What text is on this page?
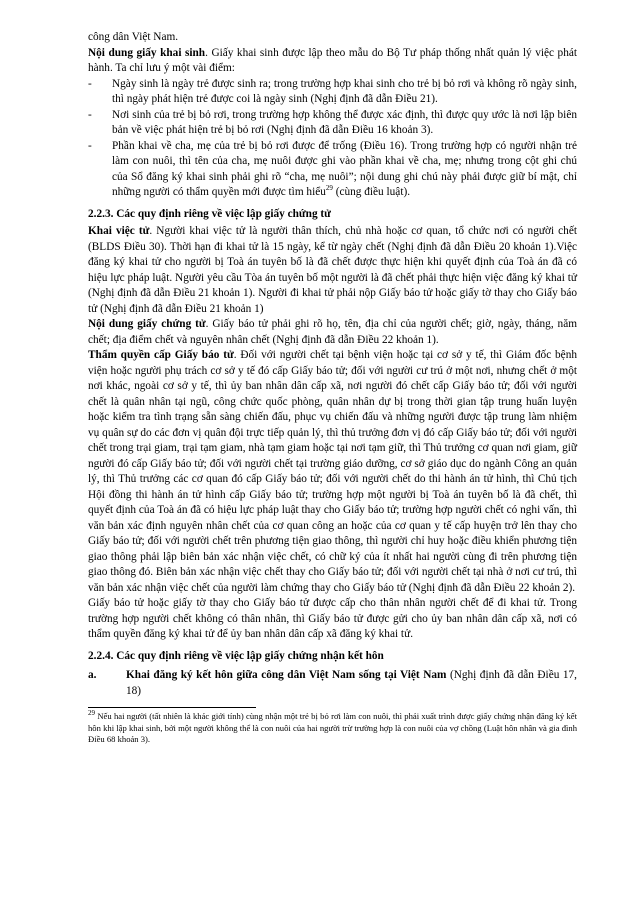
công dân Việt Nam.

Nội dung giấy khai sinh. Giấy khai sinh được lập theo mẫu do Bộ Tư pháp thống nhất quản lý việc phát hành. Ta chỉ lưu ý một vài điểm:

-	Ngày sinh là ngày trẻ được sinh ra; trong trường hợp khai sinh cho trẻ bị bỏ rơi và không rõ ngày sinh, thì ngày phát hiện trẻ được coi là ngày sinh (Nghị định đã dẫn Điều 21).

-	Nơi sinh của trẻ bị bỏ rơi, trong trường hợp không thể được xác định, thì được quy ước là nơi lập biên bản về việc phát hiện trẻ bị bỏ rơi (Nghị định đã dẫn Điều 16 khoản 3).

-	Phần khai về cha, mẹ của trẻ bị bỏ rơi được để trống (Điều 16). Trong trường hợp có người nhận trẻ làm con nuôi, thì tên của cha, mẹ nuôi được ghi vào phần khai về cha, mẹ; nhưng trong cột ghi chú của Sổ đăng ký khai sinh phải ghi rõ “cha, mẹ nuôi”; nội dung ghi chú này phải được giữ bí mật, chỉ những người có thẩm quyền mới được tìm hiểu$^{29}$ (cùng điều luật).

2.2.3. Các quy định riêng về việc lập giấy chứng tử

Khai việc tử. Người khai việc tử là người thân thích, chủ nhà hoặc cơ quan, tổ chức nơi có người chết (BLDS Điều 30). Thời hạn đi khai tử là 15 ngày, kể từ ngày chết (Nghị định đã dẫn Điều 20 khoản 1).Việc đăng ký khai tử cho người bị Toà án tuyên bố là đã chết được thực hiện khi quyết định của Toà án đã có hiệu lực pháp luật. Người yêu cầu Tòa án tuyên bố một người là đã chết phải thực hiện việc đăng ký khai tử (Nghị định đã dẫn Điều 21 khoản 1). Người đi khai tử phải nộp Giấy báo tử hoặc giấy tờ thay cho Giấy báo tử (Nghị định đã dẫn Điều 21 khoản 1)

Nội dung giấy chứng tử. Giấy báo tử phải ghi rõ họ, tên, địa chỉ của người chết; giờ, ngày, tháng, năm chết; địa điểm chết và nguyên nhân chết (Nghị định đã dẫn Điều 22 khoản 1).

Thẩm quyền cấp Giấy báo tử. Đối với người chết tại bệnh viện hoặc tại cơ sở y tế, thì Giám đốc bệnh viện hoặc người phụ trách cơ sở y tế đó cấp Giấy báo tử; đối với người cư trú ở một nơi, nhưng chết ở một nơi khác, ngoài cơ sở y tế, thì ủy ban nhân dân cấp xã, nơi người đó chết cấp Giấy báo tử; đối với người chết là quân nhân tại ngũ, công chức quốc phòng, quân nhân dự bị trong thời gian tập trung huấn luyện hoặc kiểm tra tình trạng sẵn sàng chiến đấu, phục vụ chiến đấu và những người được tập trung làm nhiệm vụ quân sự do các đơn vị quân đội trực tiếp quản lý, thì thủ trưởng đơn vị đó cấp Giấy báo tử; đối với người chết trong trại giam, trại tạm giam, nhà tạm giam hoặc tại nơi tạm giữ, thì Thủ trưởng cơ quan nơi giam, giữ người đó cấp Giấy báo tử; đối với người chết tại trường giáo dưỡng, cơ sở giáo dục do ngành Công an quản lý, thì Thủ trưởng các cơ quan đó cấp Giấy báo tử; đối với người chết do thi hành án tử hình, thì Chủ tịch Hội đồng thi hành án tử hình cấp Giấy báo tử; trường hợp một người bị Toà án tuyên bố là đã chết, thì quyết định của Toà án đã có hiệu lực pháp luật thay cho Giấy báo tử; trường hợp người chết có nghi vấn, thì văn bản xác định nguyên nhân chết của cơ quan công an hoặc của cơ quan y tế cấp huyện trở lên thay cho Giấy báo tử; đối với người chết trên phương tiện giao thông, thì người chỉ huy hoặc điều khiển phương tiện giao thông phải lập biên bản xác nhận việc chết, có chữ ký của ít nhất hai người cùng đi trên phương tiện giao thông đó. Biên bản xác nhận việc chết thay cho Giấy báo tử; đối với người chết tại nhà ở nơi cư trú, thì văn bản xác nhận việc chết của người làm chứng thay cho Giấy báo tử (Nghị định đã dẫn Điều 22 khoản 2).

Giấy báo tử hoặc giấy tờ thay cho Giấy báo tử được cấp cho thân nhân người chết để đi khai tử. Trong trường hợp người chết không có thân nhân, thì Giấy báo tử được gửi cho ủy ban nhân dân cấp xã, nơi có thẩm quyền đăng ký khai tử để ủy ban nhân dân cấp xã đăng ký khai tử.

2.2.4. Các quy định riêng về việc lập giấy chứng nhận kết hôn

a.	Khai đăng ký kết hôn giữa công dân Việt Nam sống tại Việt Nam (Nghị định đã dẫn Điều 17, 18)

$^{29}$ Nếu hai người (tất nhiên là khác giới tính) cùng nhận một trẻ bị bỏ rơi làm con nuôi, thì phải xuất trình được giấy chứng nhận đăng ký kết hôn khi lập khai sinh, bởi một người không thể là con nuôi của hai người trừ trường hợp là con nuôi của vợ chồng (Luật hôn nhân và gia đình Điều 68 khoản 3).
